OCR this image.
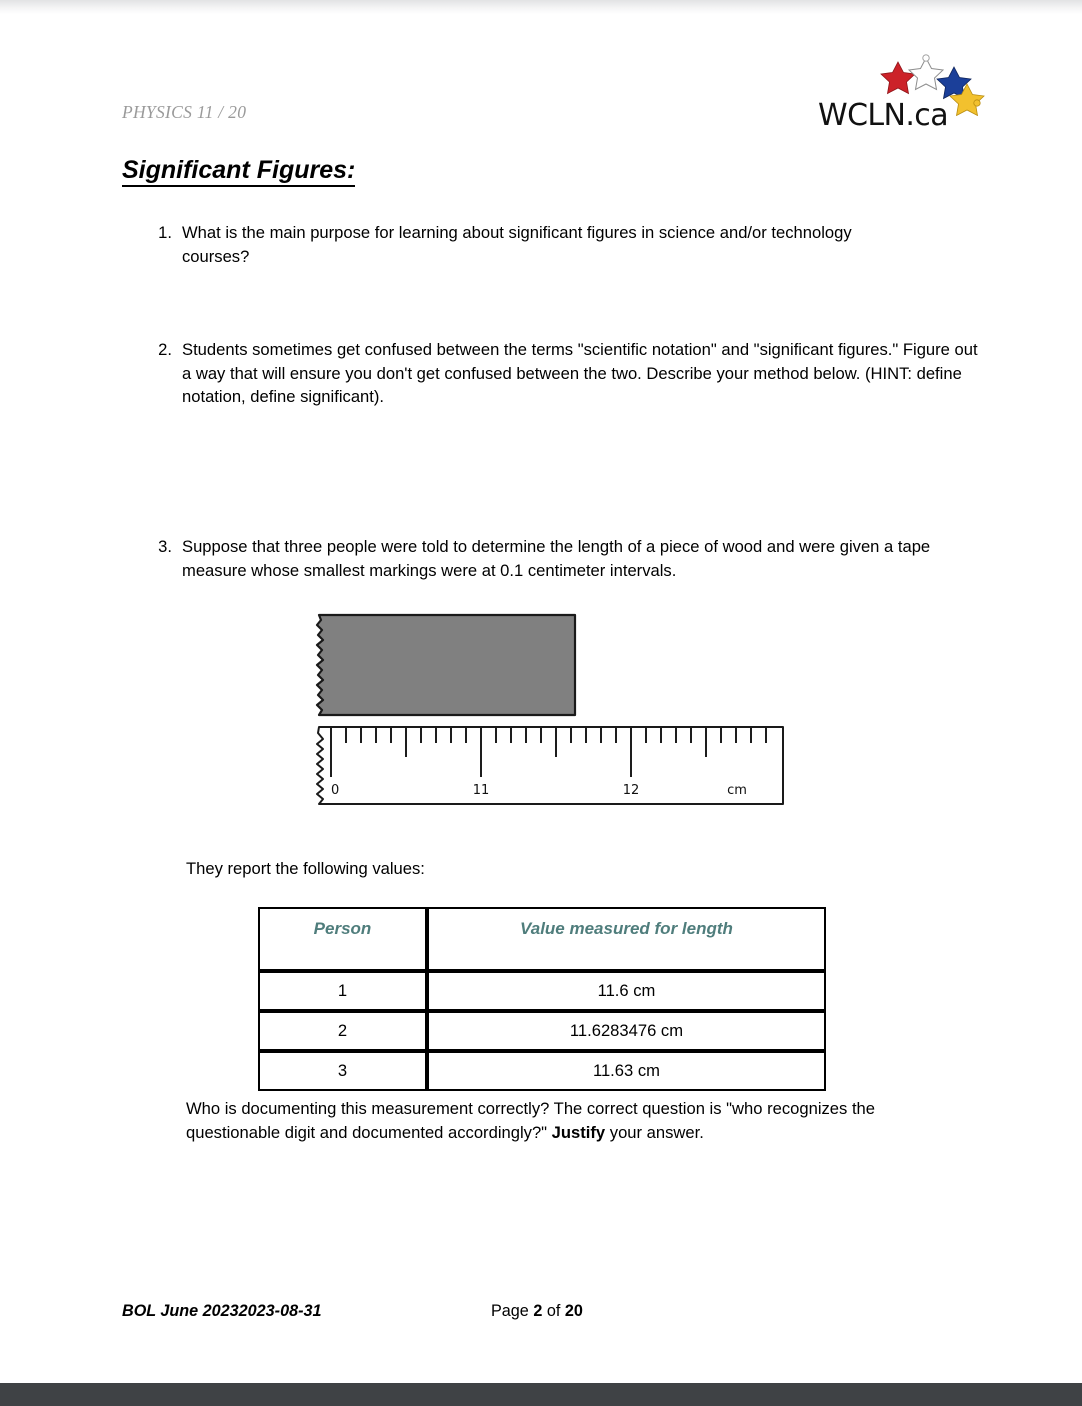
PHYSICS 11 / 20	WCLN.ca
Significant Figures:
1. What is the main purpose for learning about significant figures in science and/or technology courses?
2. Students sometimes get confused between the terms "scientific notation" and "significant figures." Figure out a way that will ensure you don't get confused between the two. Describe your method below. (HINT: define notation, define significant).
3. Suppose that three people were told to determine the length of a piece of wood and were given a tape measure whose smallest markings were at 0.1 centimeter intervals.
0	11	12	cm
They report the following values:
Person	Value measured for length
1	11.6 cm
2	11.6283476 cm
3	11.63 cm
Who is documenting this measurement correctly? The correct question is "who recognizes the questionable digit and documented accordingly?" Justify your answer.
BOL June 20232023-08-31	Page 2 of 20
